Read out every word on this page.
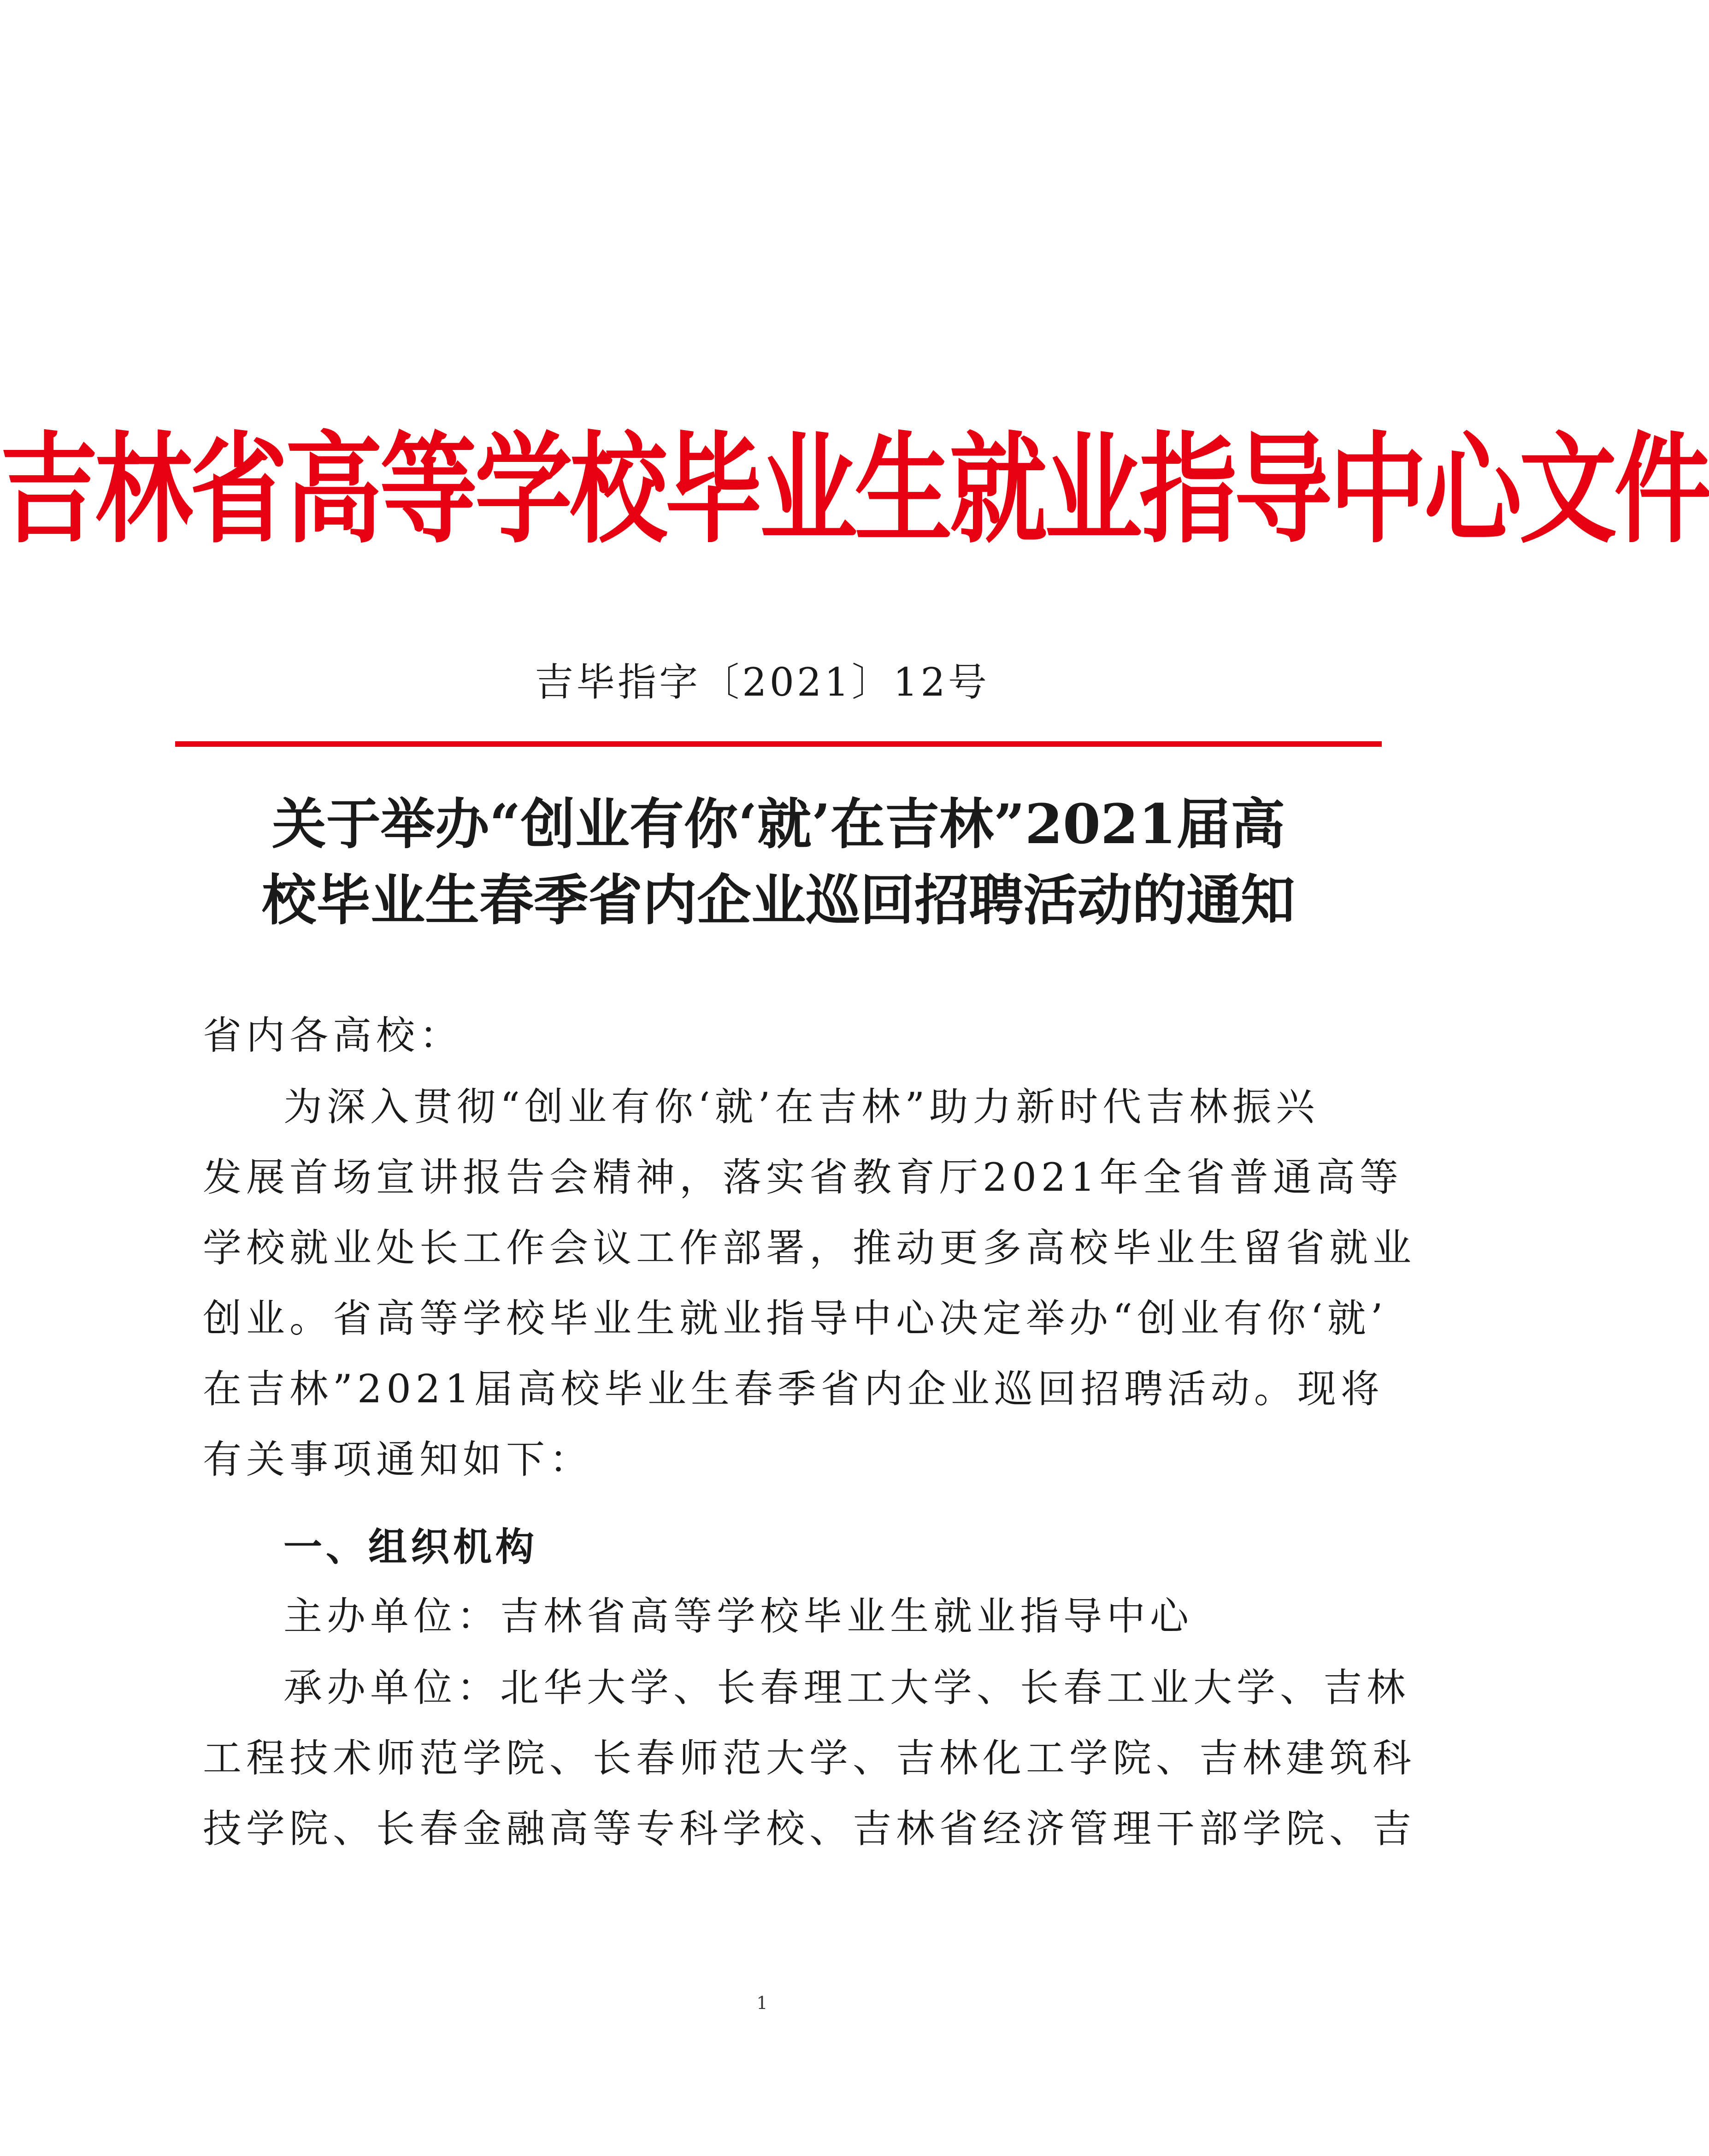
吉林省高等学校毕业生就业指导中心文件
吉毕指字〔2021〕12号
关于举办“创业有你‘就’在吉林”2021届高
校毕业生春季省内企业巡回招聘活动的通知
省内各高校：
为深入贯彻“创业有你‘就’在吉林”助力新时代吉林振兴
发展首场宣讲报告会精神，落实省教育厅2021年全省普通高等
学校就业处长工作会议工作部署，推动更多高校毕业生留省就业
创业。省高等学校毕业生就业指导中心决定举办“创业有你‘就’
在吉林”2021届高校毕业生春季省内企业巡回招聘活动。现将
有关事项通知如下：
一、组织机构
主办单位：吉林省高等学校毕业生就业指导中心
承办单位：北华大学、长春理工大学、长春工业大学、吉林
工程技术师范学院、长春师范大学、吉林化工学院、吉林建筑科
技学院、长春金融高等专科学校、吉林省经济管理干部学院、吉
1
